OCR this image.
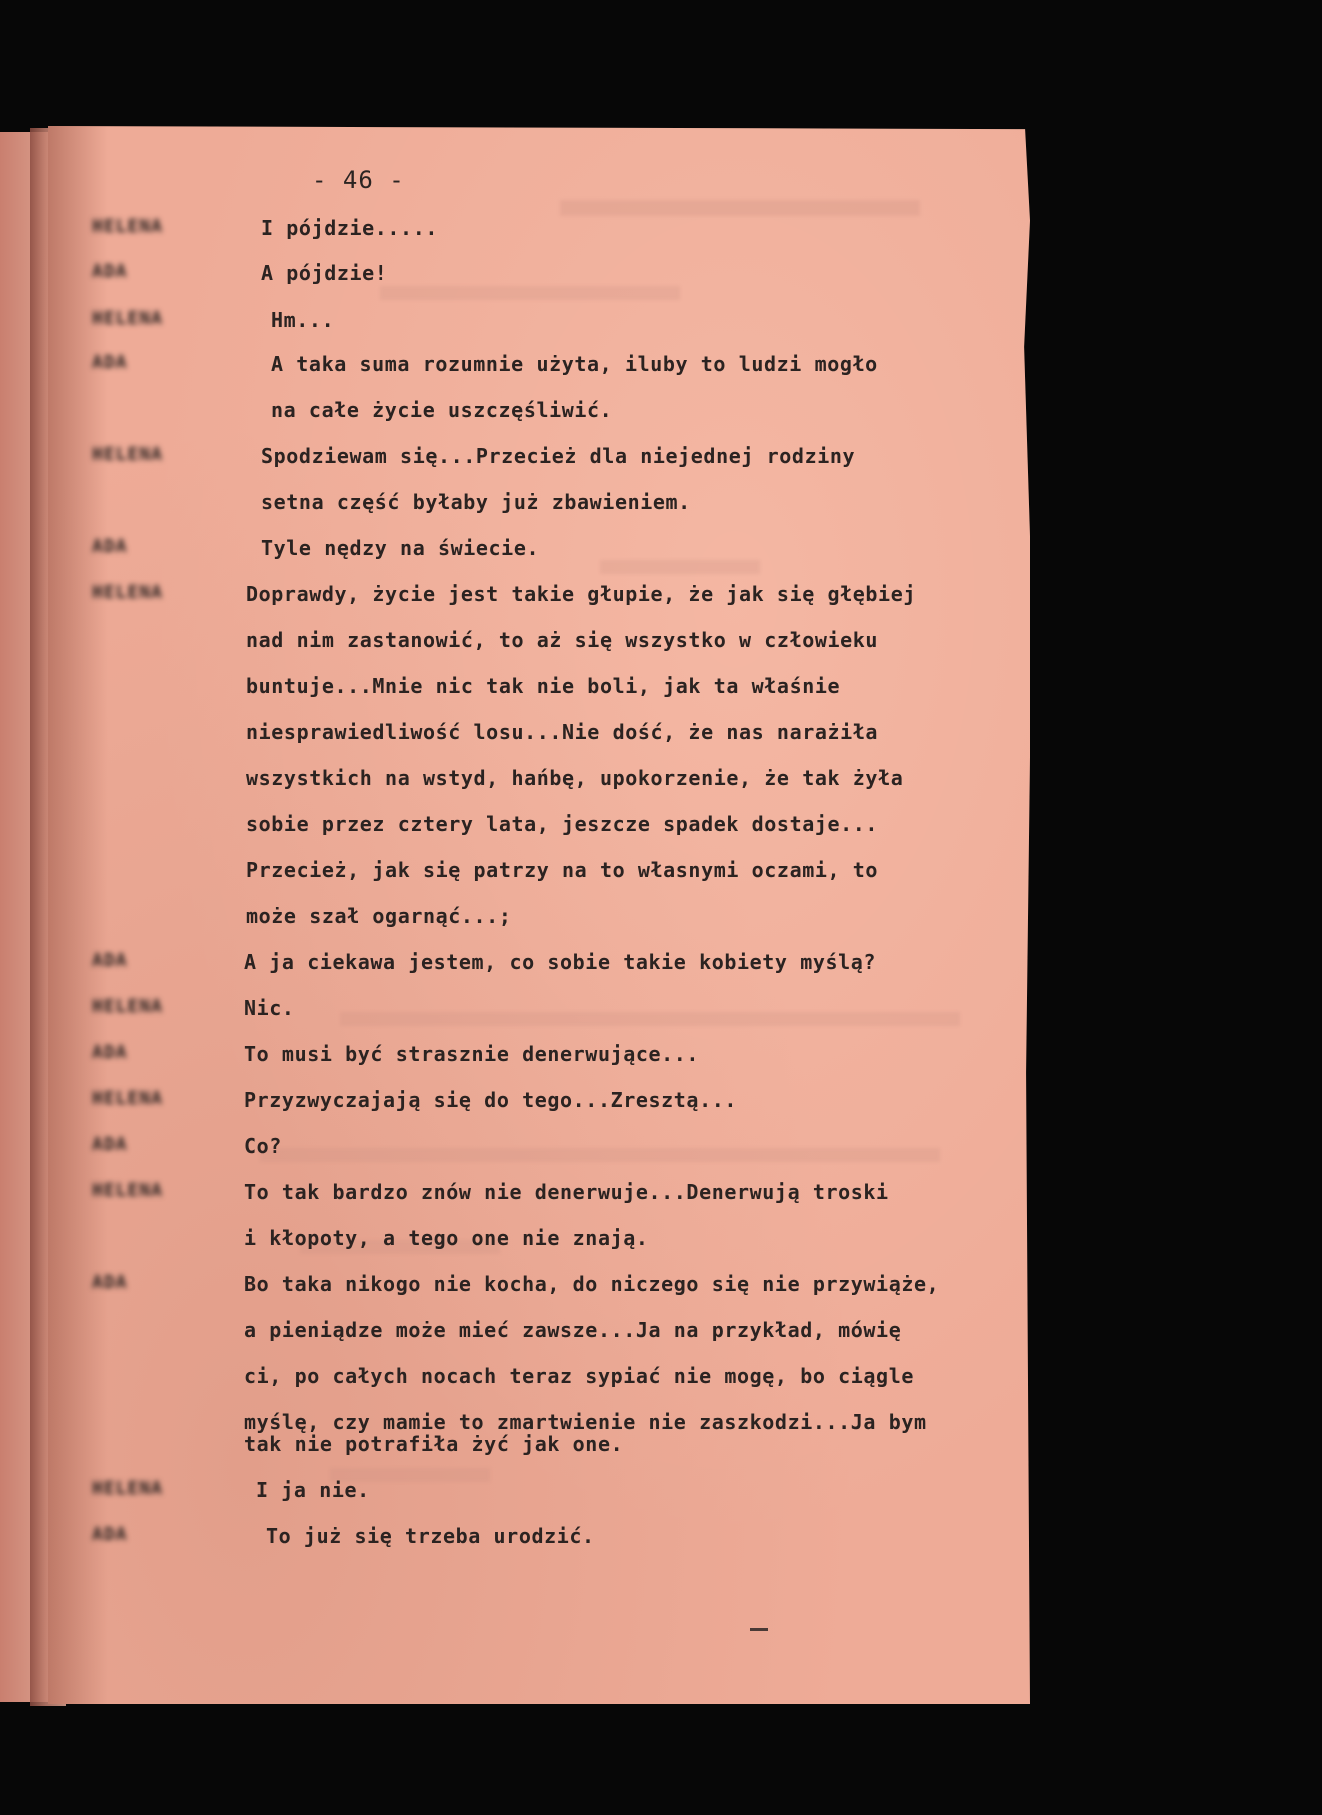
- 46 -
HELENA	I pójdzie.....
ADA	A pójdzie!
HELENA	Hm...
ADA	A taka suma rozumnie użyta, iluby to ludzi mogło
na całe życie uszczęśliwić.
HELENA	Spodziewam się...Przecież dla niejednej rodziny
setna część byłaby już zbawieniem.
ADA	Tyle nędzy na świecie.
HELENA	Doprawdy, życie jest takie głupie, że jak się głębiej
nad nim zastanowić, to aż się wszystko w człowieku
buntuje...Mnie nic tak nie boli, jak ta właśnie
niesprawiedliwość losu...Nie dość, że nas narażiła
wszystkich na wstyd, hańbę, upokorzenie, że tak żyła
sobie przez cztery lata, jeszcze spadek dostaje...
Przecież, jak się patrzy na to własnymi oczami, to
może szał ogarnąć...;
ADA	A ja ciekawa jestem, co sobie takie kobiety myślą?
HELENA	Nic.
ADA	To musi być strasznie denerwujące...
HELENA	Przyzwyczajają się do tego...Zresztą...
ADA	Co?
HELENA	To tak bardzo znów nie denerwuje...Denerwują troski
i kłopoty, a tego one nie znają.
ADA	Bo taka nikogo nie kocha, do niczego się nie przywiąże,
a pieniądze może mieć zawsze...Ja na przykład, mówię
ci, po całych nocach teraz sypiać nie mogę, bo ciągle
myślę, czy mamie to zmartwienie nie zaszkodzi...Ja bym
tak nie potrafiła żyć jak one.
HELENA	I ja nie.
ADA	To już się trzeba urodzić.
